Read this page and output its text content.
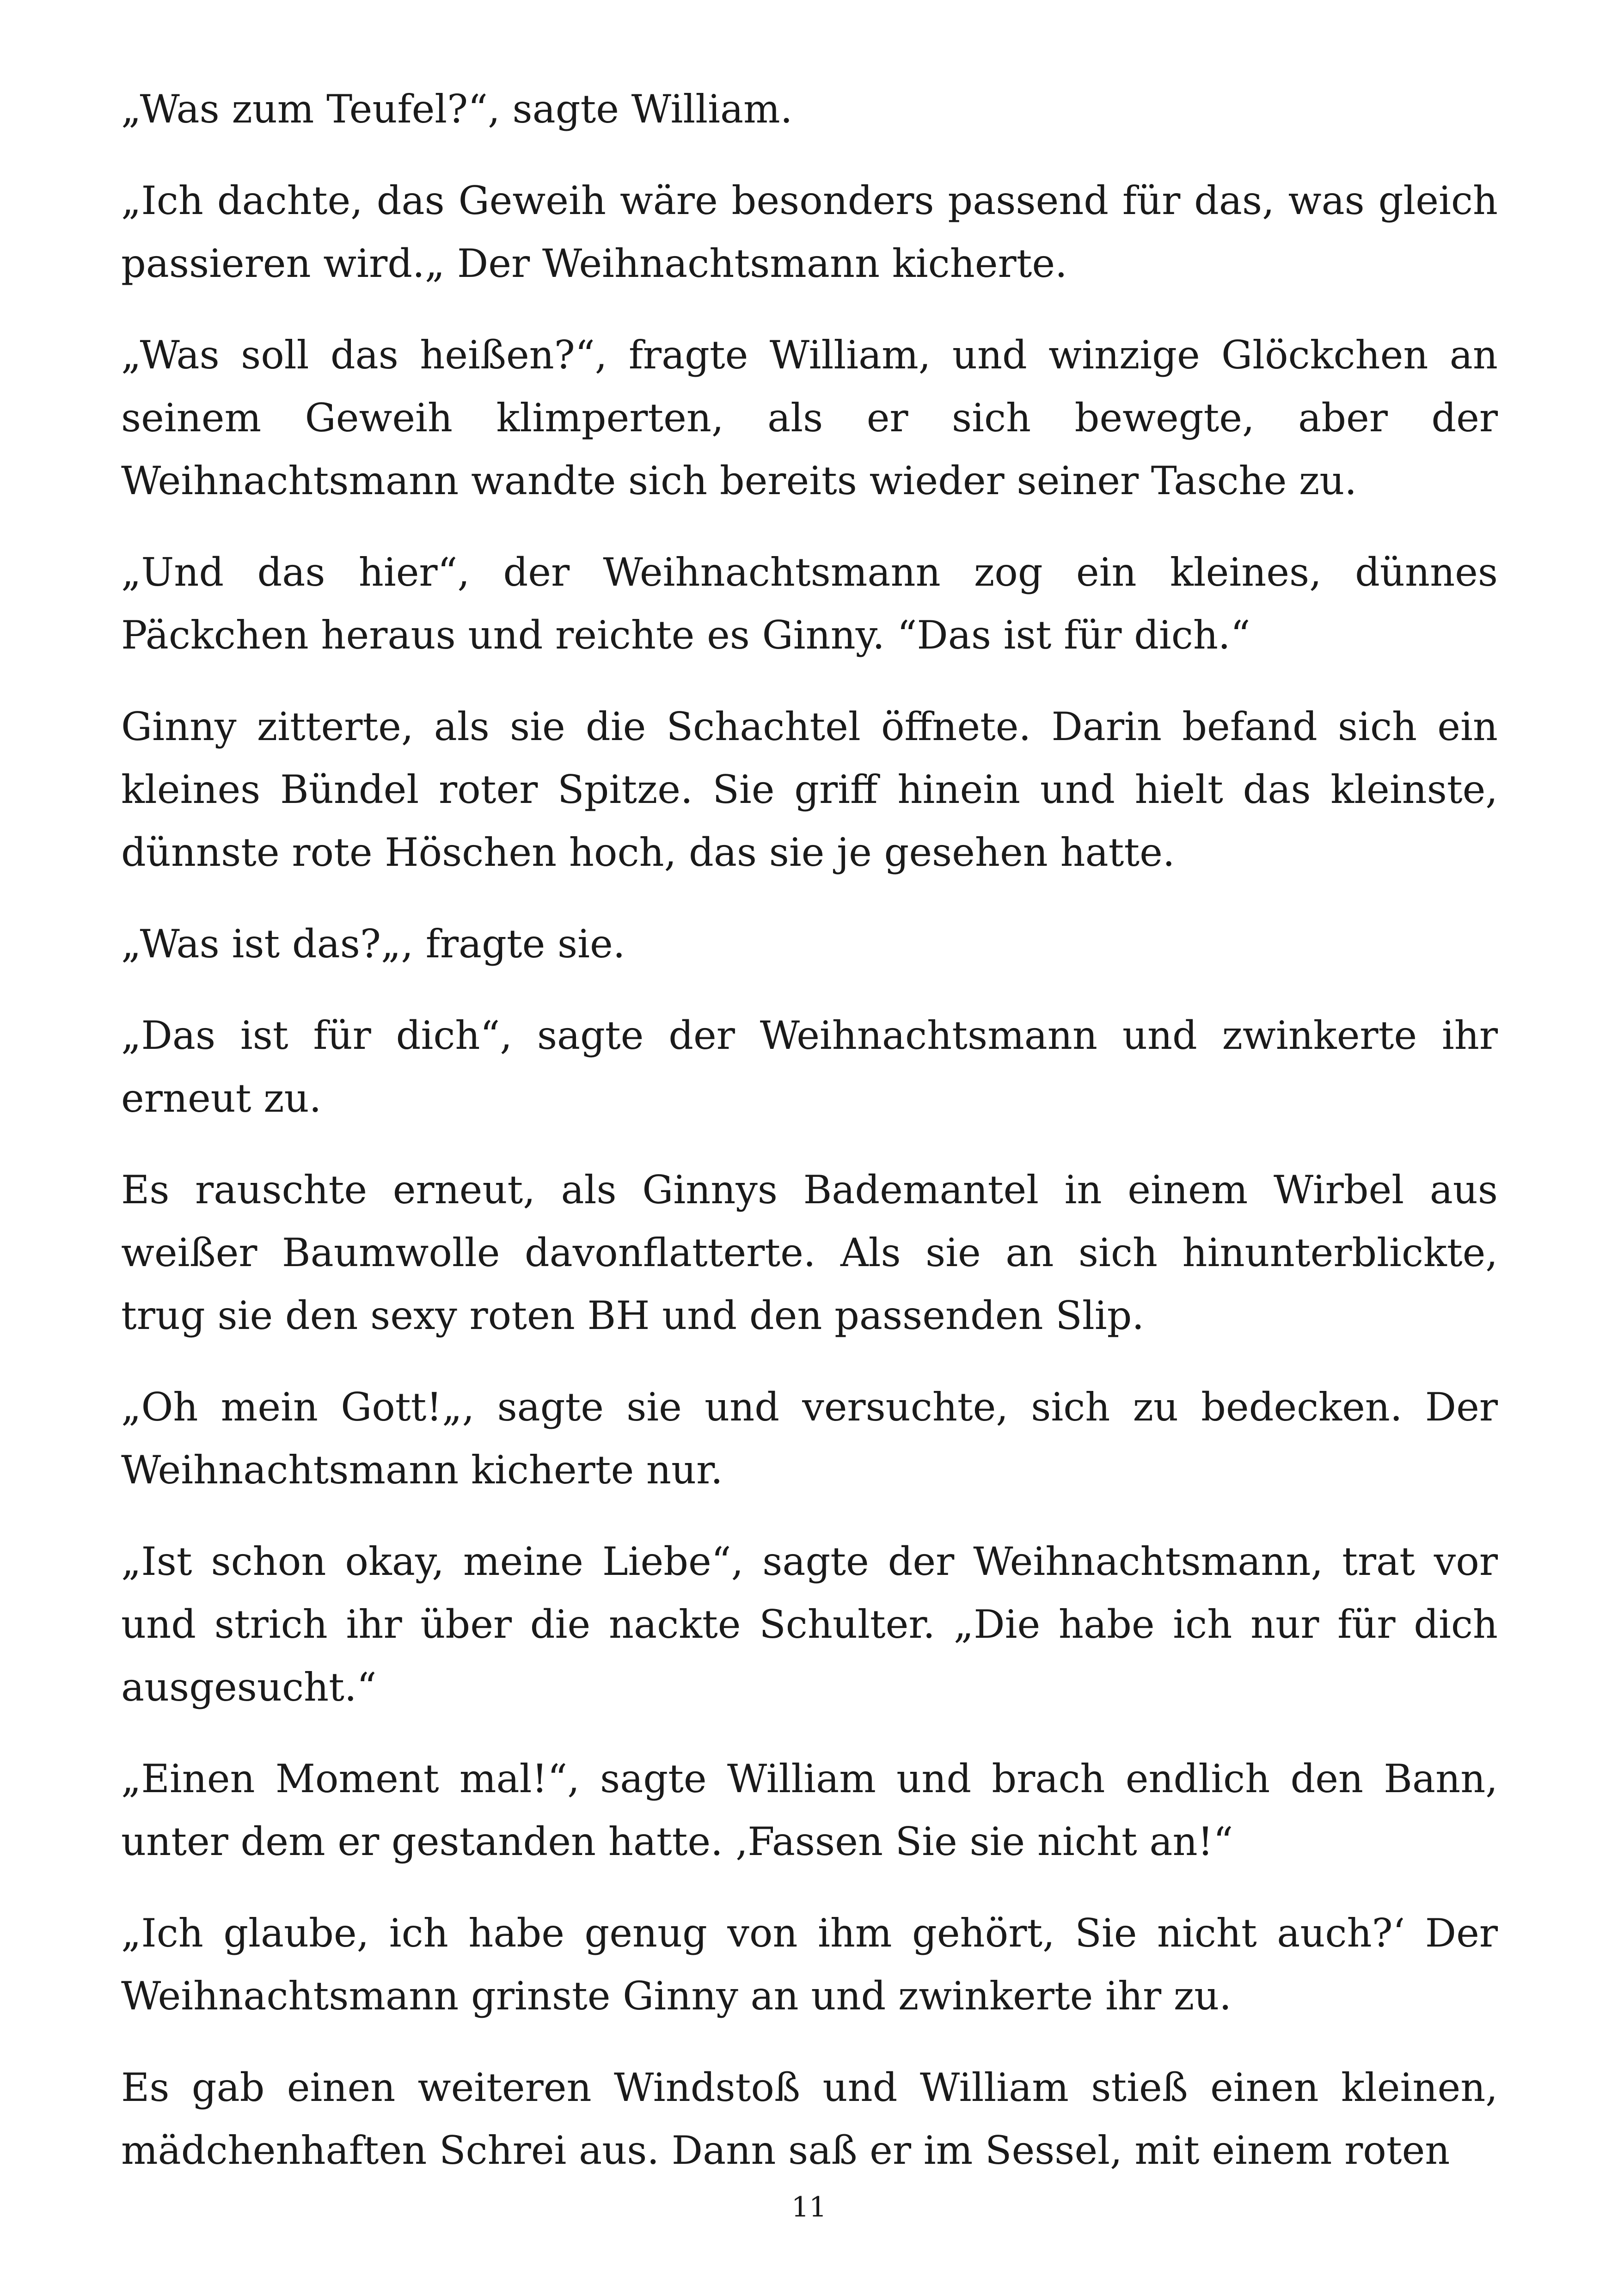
„Was zum Teufel?“, sagte William.

„Ich dachte, das Geweih wäre besonders passend für das, was gleich passieren wird.„ Der Weihnachtsmann kicherte.

„Was soll das heißen?“, fragte William, und winzige Glöckchen an seinem Geweih klimperten, als er sich bewegte, aber der Weihnachtsmann wandte sich bereits wieder seiner Tasche zu.

„Und das hier“, der Weihnachtsmann zog ein kleines, dünnes Päckchen heraus und reichte es Ginny. “Das ist für dich.“

Ginny zitterte, als sie die Schachtel öffnete. Darin befand sich ein kleines Bündel roter Spitze. Sie griff hinein und hielt das kleinste, dünnste rote Höschen hoch, das sie je gesehen hatte.

„Was ist das?„, fragte sie.

„Das ist für dich“, sagte der Weihnachtsmann und zwinkerte ihr erneut zu.

Es rauschte erneut, als Ginnys Bademantel in einem Wirbel aus weißer Baumwolle davonflatterte. Als sie an sich hinunterblickte, trug sie den sexy roten BH und den passenden Slip.

„Oh mein Gott!„, sagte sie und versuchte, sich zu bedecken. Der Weihnachtsmann kicherte nur.

„Ist schon okay, meine Liebe“, sagte der Weihnachtsmann, trat vor und strich ihr über die nackte Schulter. „Die habe ich nur für dich ausgesucht.“

„Einen Moment mal!“, sagte William und brach endlich den Bann, unter dem er gestanden hatte. ‚Fassen Sie sie nicht an!“

„Ich glaube, ich habe genug von ihm gehört, Sie nicht auch?‘ Der Weihnachtsmann grinste Ginny an und zwinkerte ihr zu.

Es gab einen weiteren Windstoß und William stieß einen kleinen, mädchenhaften Schrei aus. Dann saß er im Sessel, mit einem roten

11
